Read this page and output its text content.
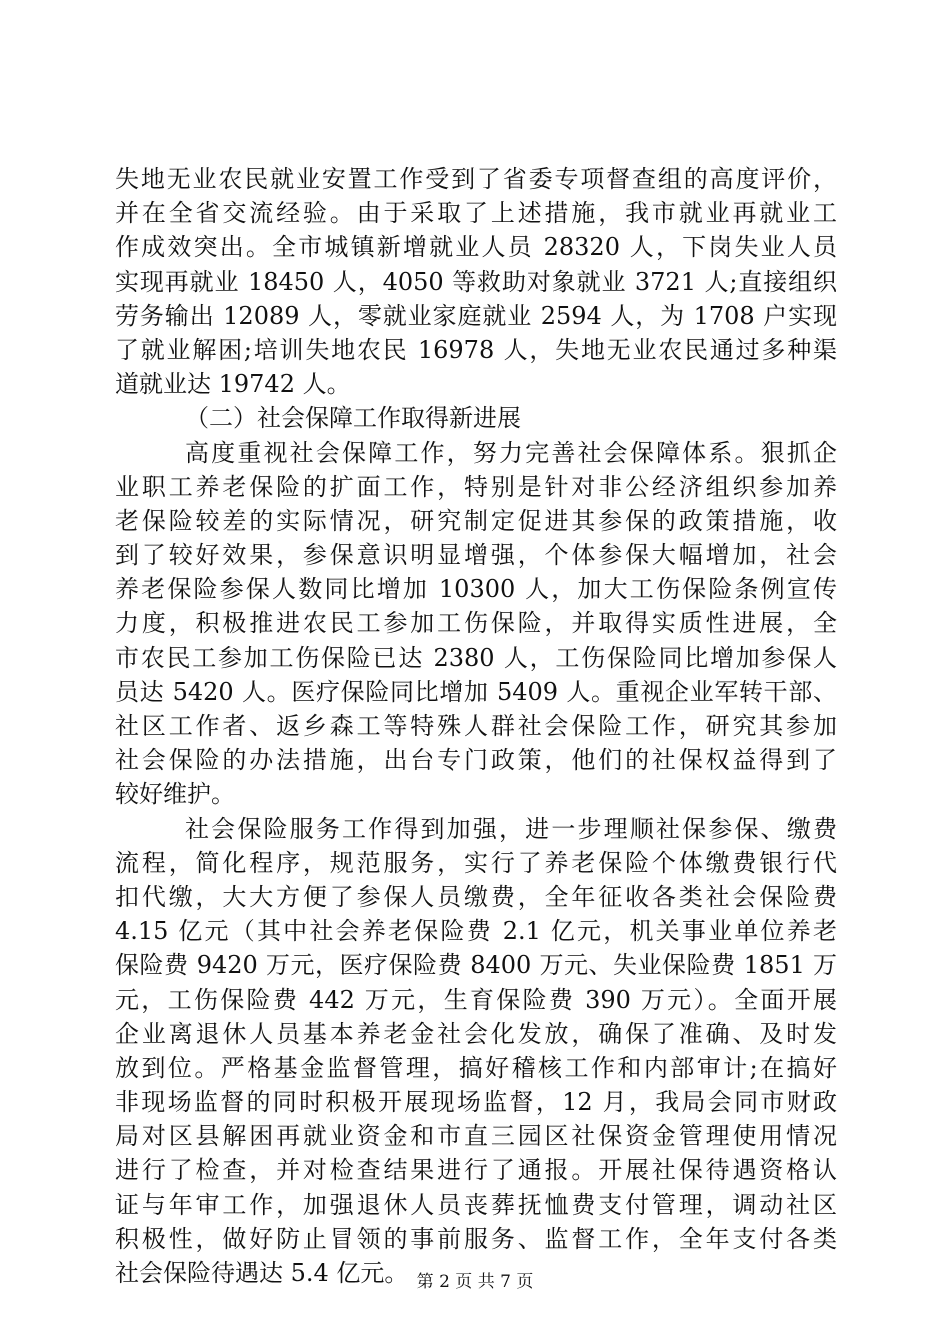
失地无业农民就业安置工作受到了省委专项督查组的高度评价，
并在全省交流经验。由于采取了上述措施，我市就业再就业工
作成效突出。全市城镇新增就业人员 28320 人，下岗失业人员
实现再就业 18450 人，4050 等救助对象就业 3721 人;直接组织
劳务输出 12089 人，零就业家庭就业 2594 人，为 1708 户实现
了就业解困;培训失地农民 16978 人，失地无业农民通过多种渠
道就业达 19742 人。
（二）社会保障工作取得新进展
高度重视社会保障工作，努力完善社会保障体系。狠抓企
业职工养老保险的扩面工作，特别是针对非公经济组织参加养
老保险较差的实际情况，研究制定促进其参保的政策措施，收
到了较好效果，参保意识明显增强，个体参保大幅增加，社会
养老保险参保人数同比增加 10300 人，加大工伤保险条例宣传
力度，积极推进农民工参加工伤保险，并取得实质性进展，全
市农民工参加工伤保险已达 2380 人，工伤保险同比增加参保人
员达 5420 人。医疗保险同比增加 5409 人。重视企业军转干部、
社区工作者、返乡森工等特殊人群社会保险工作，研究其参加
社会保险的办法措施，出台专门政策，他们的社保权益得到了
较好维护。
社会保险服务工作得到加强，进一步理顺社保参保、缴费
流程，简化程序，规范服务，实行了养老保险个体缴费银行代
扣代缴，大大方便了参保人员缴费，全年征收各类社会保险费
4.15 亿元（其中社会养老保险费 2.1 亿元，机关事业单位养老
保险费 9420 万元，医疗保险费 8400 万元、失业保险费 1851 万
元，工伤保险费 442 万元，生育保险费 390 万元）。全面开展
企业离退休人员基本养老金社会化发放，确保了准确、及时发
放到位。严格基金监督管理，搞好稽核工作和内部审计;在搞好
非现场监督的同时积极开展现场监督，12 月，我局会同市财政
局对区县解困再就业资金和市直三园区社保资金管理使用情况
进行了检查，并对检查结果进行了通报。开展社保待遇资格认
证与年审工作，加强退休人员丧葬抚恤费支付管理，调动社区
积极性，做好防止冒领的事前服务、监督工作，全年支付各类
社会保险待遇达 5.4 亿元。 第 2 页 共 7 页
